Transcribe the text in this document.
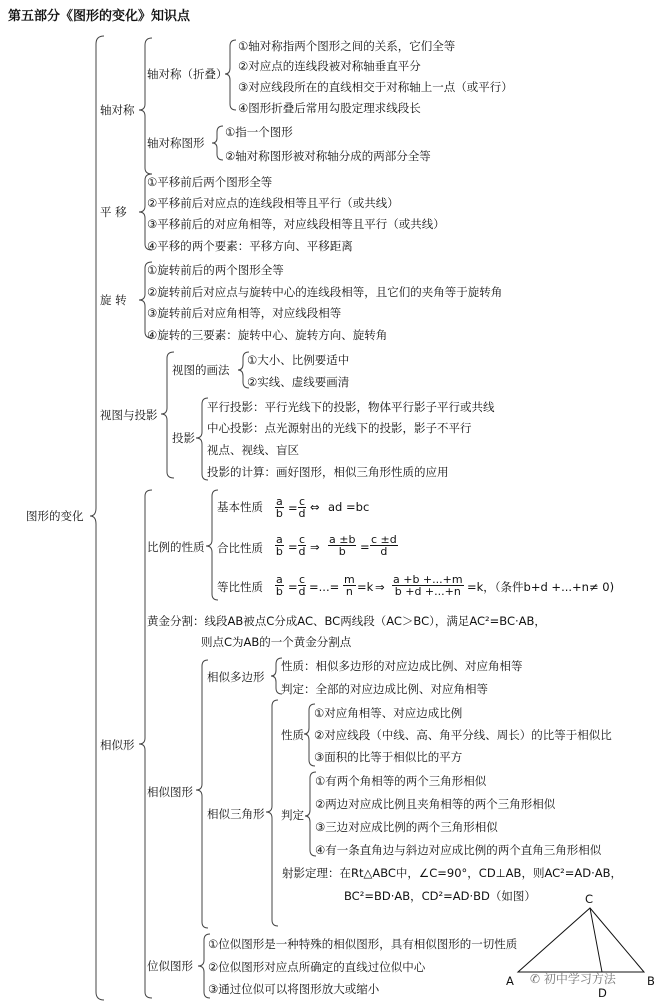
第五部分《图形的变化》知识点
图形的变化
轴对称
轴对称（折叠）
①轴对称指两个图形之间的关系，它们全等
②对应点的连线段被对称轴垂直平分
③对应线段所在的直线相交于对称轴上一点（或平行）
④图形折叠后常用勾股定理求线段长
轴对称图形
①指一个图形
②轴对称图形被对称轴分成的两部分全等
平 移
①平移前后两个图形全等
②平移前后对应点的连线段相等且平行（或共线）
③平移前后的对应角相等，对应线段相等且平行（或共线）
④平移的两个要素：平移方向、平移距离
旋 转
①旋转前后的两个图形全等
②旋转前后对应点与旋转中心的连线段相等，且它们的夹角等于旋转角
③旋转前后对应角相等，对应线段相等
④旋转的三要素：旋转中心、旋转方向、旋转角
视图与投影
视图的画法
①大小、比例要适中
②实线、虚线要画清
投影
平行投影：平行光线下的投影，物体平行影子平行或共线
中心投影：点光源射出的光线下的投影，影子不平行
视点、视线、盲区
投影的计算：画好图形，相似三角形性质的应用
相似形
比例的性质
基本性质 $\frac{a}{b} = \frac{c}{d}$ ⇔ ad =bc
合比性质 $\frac{a}{b} = \frac{c}{d}$ ⇒ $\frac{a \pm b}{b} = \frac{c \pm d}{d}$
等比性质 $\frac{a}{b} = \frac{c}{d}$ =...= $\frac{m}{n} =k$ ⇒ $\frac{a +b +...+m}{b +d +...+n} =k$，（条件b+d +...+n≠ 0)
黄金分割：线段AB被点C分成AC、BC两线段（AC＞BC），满足AC²=BC·AB，
则点C为AB的一个黄金分割点
相似图形
相似多边形
性质：相似多边形的对应边成比例、对应角相等
判定：全部的对应边成比例、对应角相等
相似三角形
性质
①对应角相等、对应边成比例
②对应线段（中线、高、角平分线、周长）的比等于相似比
③面积的比等于相似比的平方
判定
①有两个角相等的两个三角形相似
②两边对应成比例且夹角相等的两个三角形相似
③三边对应成比例的两个三角形相似
④有一条直角边与斜边对应成比例的两个直角三角形相似
射影定理：在Rt△ABC中，∠C=90°，CD⊥AB，则AC²=AD·AB，
BC²=BD·AB，CD²=AD·BD（如图）
位似图形
①位似图形是一种特殊的相似图形，具有相似图形的一切性质
②位似图形对应点所确定的直线过位似中心
③通过位似可以将图形放大或缩小
C
A
D
B
✆ 初中学习方法
